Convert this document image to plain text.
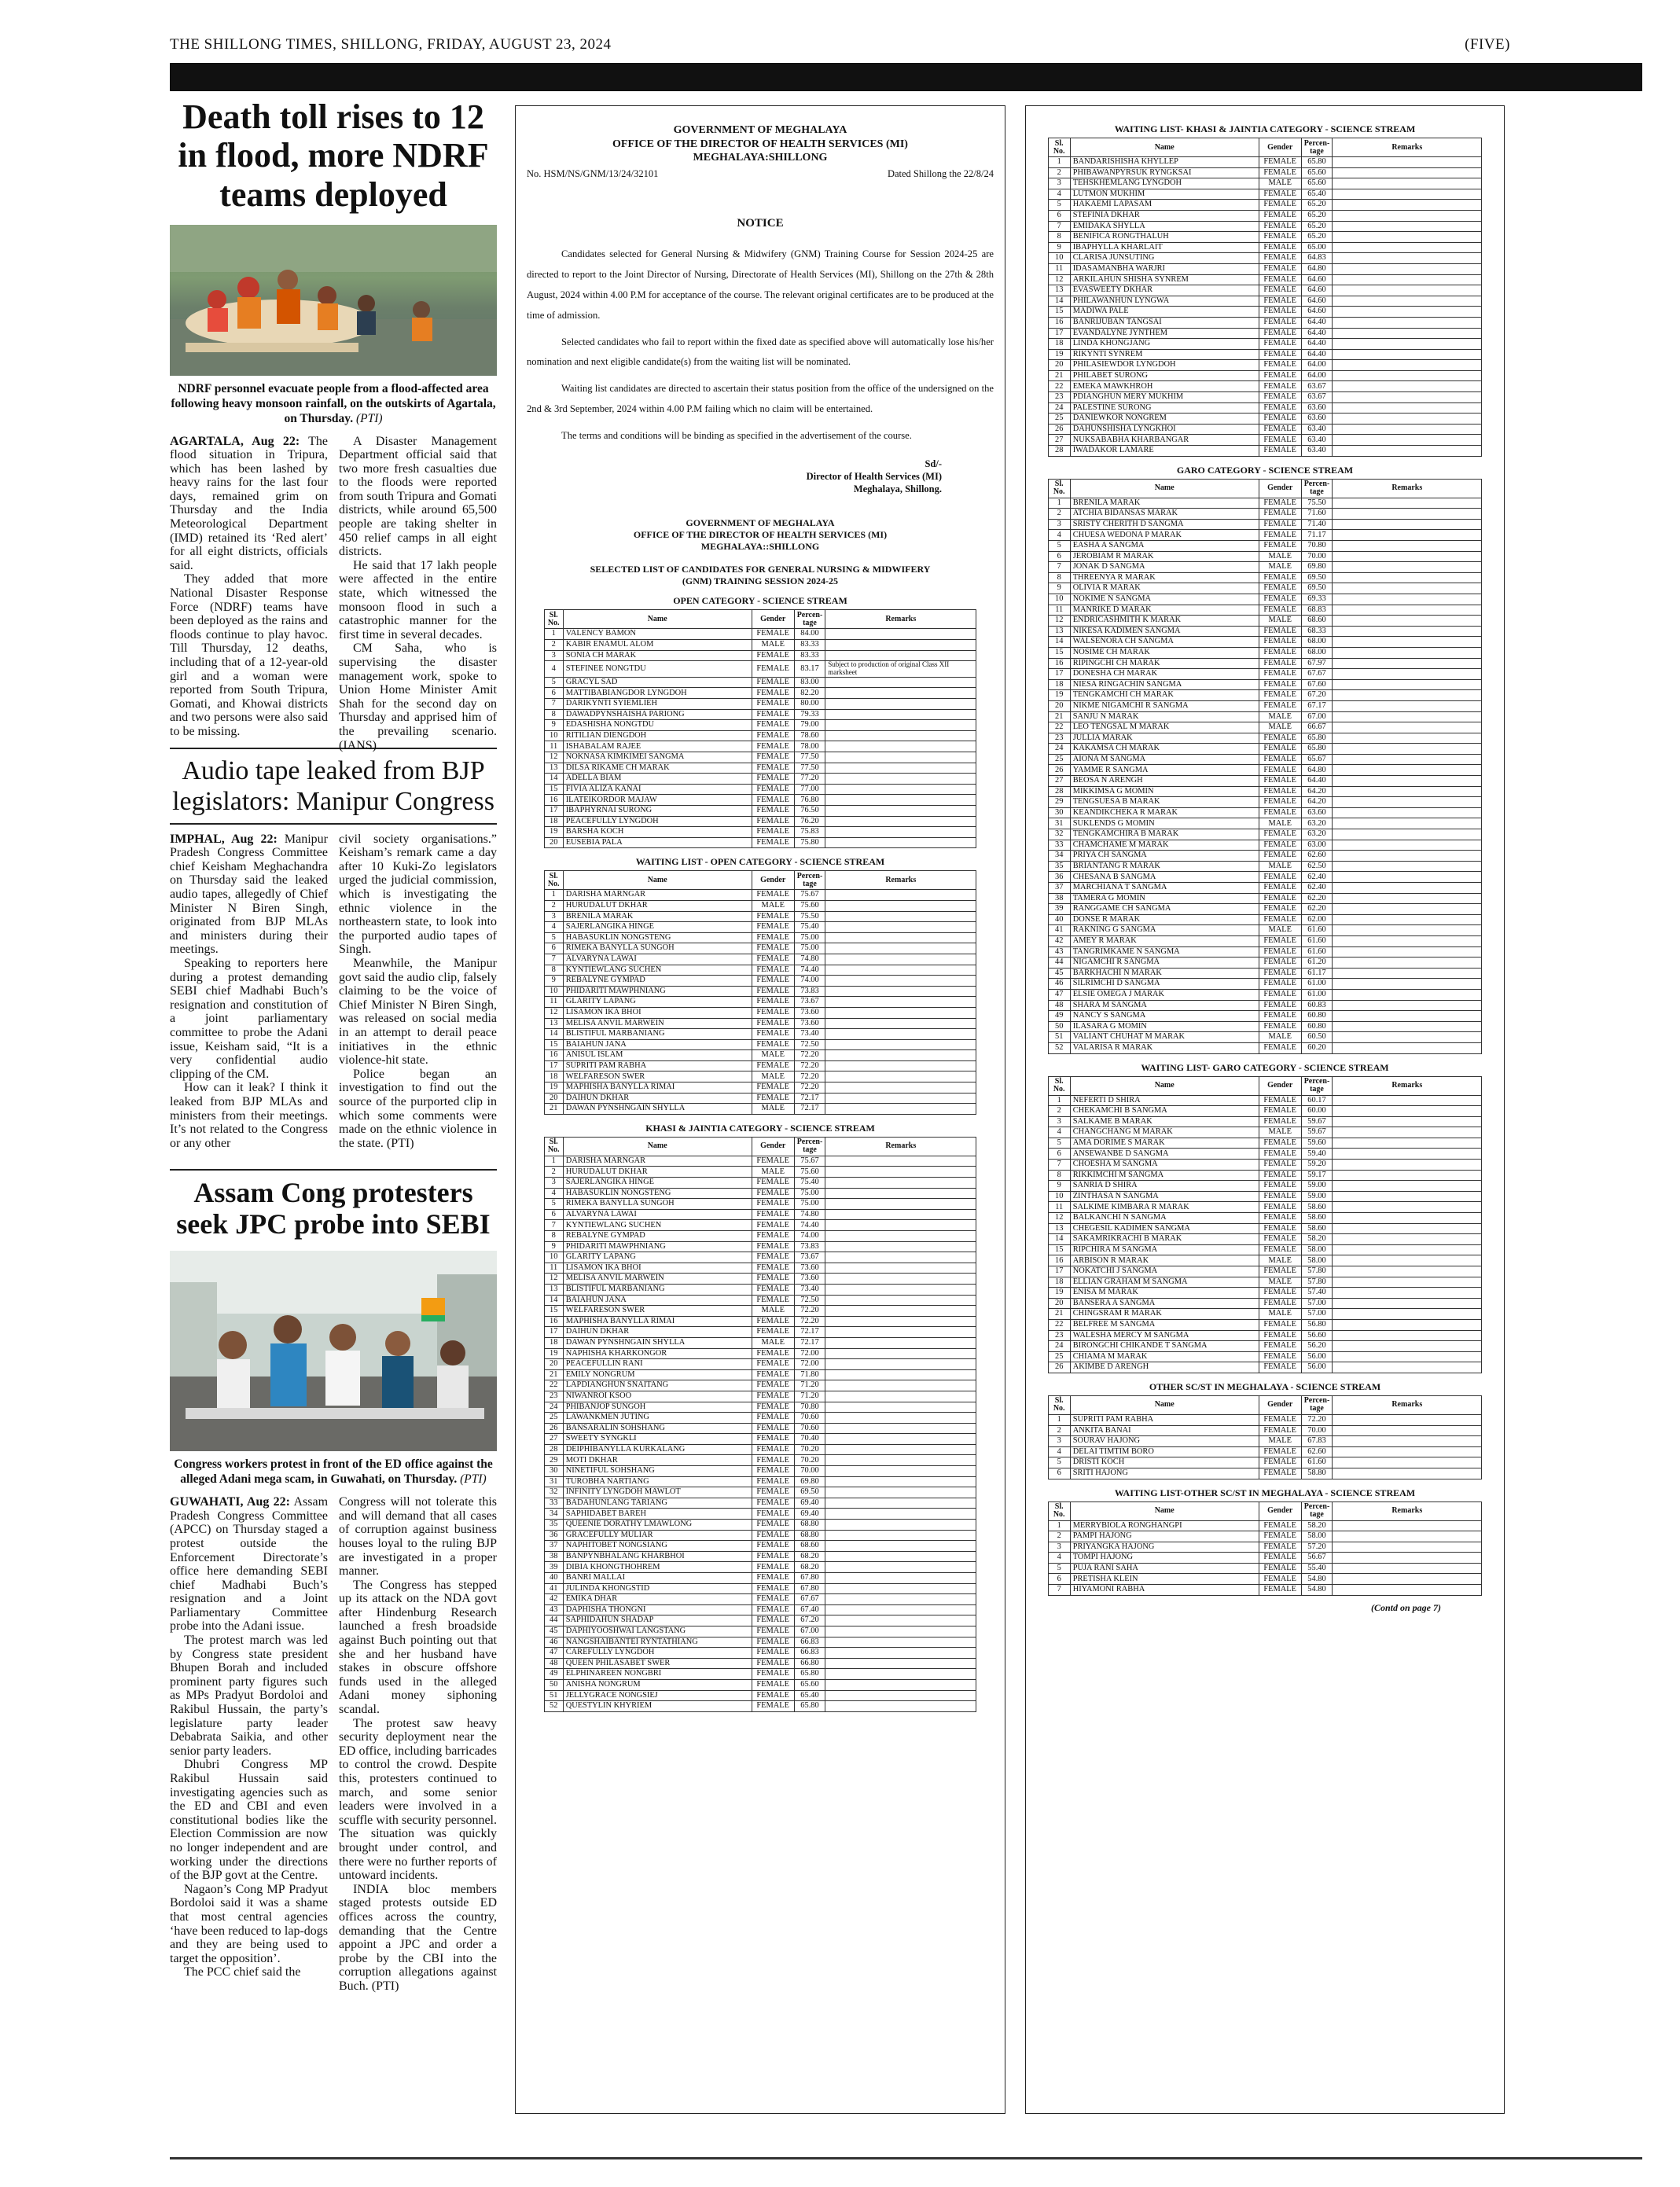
THE SHILLONG TIMES, SHILLONG, FRIDAY, AUGUST 23, 2024	(FIVE)
Death toll rises to 12 in flood, more NDRF teams deployed
NDRF personnel evacuate people from a flood-affected area following heavy monsoon rainfall, on the outskirts of Agartala, on Thursday. (PTI)

AGARTALA, Aug 22: The flood situation in Tripura, which has been lashed by heavy rains for the last four days, remained grim on Thursday and the India Meteorological Department (IMD) retained its ‘Red alert’ for all eight districts, officials said.

They added that more National Disaster Response Force (NDRF) teams have been deployed as the rains and floods continue to play havoc. Till Thursday, 12 deaths, including that of a 12-year-old girl and a woman were reported from South Tripura, Gomati, and Khowai districts and two persons were also said to be missing.

A Disaster Management Department official said that two more fresh casualties due to the floods were reported from south Tripura and Gomati districts, while around 65,500 people are taking shelter in 450 relief camps in all eight districts.

He said that 17 lakh people were affected in the entire state, which witnessed the monsoon flood in such a catastrophic manner for the first time in several decades.

CM Saha, who is supervising the disaster management work, spoke to Union Home Minister Amit Shah for the second day on Thursday and apprised him of the prevailing scenario. (IANS)

Audio tape leaked from BJP legislators: Manipur Congress

IMPHAL, Aug 22: Manipur Pradesh Congress Committee chief Keisham Meghachandra on Thursday said the leaked audio tapes, allegedly of Chief Minister N Biren Singh, originated from BJP MLAs and ministers during their meetings.

Speaking to reporters here during a protest demanding SEBI chief Madhabi Buch’s resignation and constitution of a joint parliamentary committee to probe the Adani issue, Keisham said, “It is a very confidential audio clipping of the CM.

How can it leak? I think it leaked from BJP MLAs and ministers from their meetings. It’s not related to the Congress or any other

civil society organisations.” Keisham’s remark came a day after 10 Kuki-Zo legislators urged the judicial commission, which is investigating the ethnic violence in the northeastern state, to look into the purported audio tapes of Singh.

Meanwhile, the Manipur govt said the audio clip, falsely claiming to be the voice of Chief Minister N Biren Singh, was released on social media in an attempt to derail peace initiatives in the ethnic violence-hit state.

Police began an investigation to find out the source of the purported clip in which some comments were made on the ethnic violence in the state. (PTI)

Assam Cong protesters seek JPC probe into SEBI
Congress workers protest in front of the ED office against the alleged Adani mega scam, in Guwahati, on Thursday. (PTI)

GUWAHATI, Aug 22: Assam Pradesh Congress Committee (APCC) on Thursday staged a protest outside the Enforcement Directorate’s office here demanding SEBI chief Madhabi Buch’s resignation and a Joint Parliamentary Committee probe into the Adani issue.

The protest march was led by Congress state president Bhupen Borah and included prominent party figures such as MPs Pradyut Bordoloi and Rakibul Hussain, the party’s legislature party leader Debabrata Saikia, and other senior party leaders.

Dhubri Congress MP Rakibul Hussain said investigating agencies such as the ED and CBI and even constitutional bodies like the Election Commission are now no longer independent and are working under the directions of the BJP govt at the Centre.

Nagaon’s Cong MP Pradyut Bordoloi said it was a shame that most central agencies ‘have been reduced to lap-dogs and they are being used to target the opposition’.

The PCC chief said the

Congress will not tolerate this and will demand that all cases of corruption against business houses loyal to the ruling BJP are investigated in a proper manner.

The Congress has stepped up its attack on the NDA govt after Hindenburg Research launched a fresh broadside against Buch pointing out that she and her husband have stakes in obscure offshore funds used in the alleged Adani money siphoning scandal.

The protest saw heavy security deployment near the ED office, including barricades to control the crowd. Despite this, protesters continued to march, and some senior leaders were involved in a scuffle with security personnel. The situation was quickly brought under control, and there were no further reports of untoward incidents.

INDIA bloc members staged protests outside ED offices across the country, demanding that the Centre appoint a JPC and order a probe by the CBI into the corruption allegations against Buch. (PTI)

GOVERNMENT OF MEGHALAYA
OFFICE OF THE DIRECTOR OF HEALTH SERVICES (MI)
MEGHALAYA:SHILLONG
No. HSM/NS/GNM/13/24/32101	Dated Shillong the 22/8/24
NOTICE

Candidates selected for General Nursing & Midwifery (GNM) Training Course for Session 2024-25 are directed to report to the Joint Director of Nursing, Directorate of Health Services (MI), Shillong on the 27th & 28th August, 2024 within 4.00 P.M for acceptance of the course. The relevant original certificates are to be produced at the time of admission.

Selected candidates who fail to report within the fixed date as specified above will automatically lose his/her nomination and next eligible candidate(s) from the waiting list will be nominated.

Waiting list candidates are directed to ascertain their status position from the office of the undersigned on the 2nd & 3rd September, 2024 within 4.00 P.M failing which no claim will be entertained.

The terms and conditions will be binding as specified in the advertisement of the course.

Sd/-
Director of Health Services (MI)
Meghalaya, Shillong.
GOVERNMENT OF MEGHALAYA
OFFICE OF THE DIRECTOR OF HEALTH SERVICES (MI)
MEGHALAYA::SHILLONG
SELECTED LIST OF CANDIDATES FOR GENERAL NURSING & MIDWIFERY (GNM) TRAINING SESSION 2024-25
OPEN CATEGORY - SCIENCE STREAM
Sl. No.	Name	Gender	Percen-tage	Remarks
1	VALENCY BAMON	FEMALE	84.00	
2	KABIR ENAMUL ALOM	MALE	83.33	
3	SONIA CH MARAK	FEMALE	83.33	
4	STEFINEE NONGTDU	FEMALE	83.17	Subject to production of original Class XII marksheet
5	GRACYL SAD	FEMALE	83.00	
6	MATTIBABIANGDOR LYNGDOH	FEMALE	82.20	
7	DARIKYNTI SYIEMLIEH	FEMALE	80.00	
8	DAWADPYNSHAISHA PARIONG	FEMALE	79.33	
9	EDASHISHA NONGTDU	FEMALE	79.00	
10	RITILIAN DIENGDOH	FEMALE	78.60	
11	ISHABALAM RAJEE	FEMALE	78.00	
12	NOKNASA KIMKIMEI SANGMA	FEMALE	77.50	
13	DILSA RIKAME CH MARAK	FEMALE	77.50	
14	ADELLA BIAM	FEMALE	77.20	
15	FIVIA ALIZA KANAI	FEMALE	77.00	
16	ILATEIKORDOR MAJAW	FEMALE	76.80	
17	IBAPHYRNAI SURONG	FEMALE	76.50	
18	PEACEFULLY LYNGDOH	FEMALE	76.20	
19	BARSHA KOCH	FEMALE	75.83	
20	EUSEBIA PALA	FEMALE	75.80	
WAITING LIST - OPEN CATEGORY - SCIENCE STREAM
Sl. No.	Name	Gender	Percen-tage	Remarks
1	DARISHA MARNGAR	FEMALE	75.67	
2	HURUDALUT DKHAR	MALE	75.60	
3	BRENILA MARAK	FEMALE	75.50	
4	SAJERLANGIKA HINGE	FEMALE	75.40	
5	HABASUKLIN NONGSTENG	FEMALE	75.00	
6	RIMEKA BANYLLA SUNGOH	FEMALE	75.00	
7	ALVARYNA LAWAI	FEMALE	74.80	
8	KYNTIEWLANG SUCHEN	FEMALE	74.40	
9	REBALYNE GYMPAD	FEMALE	74.00	
10	PHIDARITI MAWPHNIANG	FEMALE	73.83	
11	GLARITY LAPANG	FEMALE	73.67	
12	LISAMON IKA BHOI	FEMALE	73.60	
13	MELISA ANVIL MARWEIN	FEMALE	73.60	
14	BLISTIFUL MARBANIANG	FEMALE	73.40	
15	BAIAHUN JANA	FEMALE	72.50	
16	ANISUL ISLAM	MALE	72.20	
17	SUPRITI PAM RABHA	FEMALE	72.20	
18	WELFARESON SWER	MALE	72.20	
19	MAPHISHA BANYLLA RIMAI	FEMALE	72.20	
20	DAIHUN DKHAR	FEMALE	72.17	
21	DAWAN PYNSHNGAIN SHYLLA	MALE	72.17	
KHASI & JAINTIA CATEGORY - SCIENCE STREAM
Sl. No.	Name	Gender	Percen-tage	Remarks
1	DARISHA MARNGAR	FEMALE	75.67	
2	HURUDALUT DKHAR	MALE	75.60	
3	SAJERLANGIKA HINGE	FEMALE	75.40	
4	HABASUKLIN NONGSTENG	FEMALE	75.00	
5	RIMEKA BANYLLA SUNGOH	FEMALE	75.00	
6	ALVARYNA LAWAI	FEMALE	74.80	
7	KYNTIEWLANG SUCHEN	FEMALE	74.40	
8	REBALYNE GYMPAD	FEMALE	74.00	
9	PHIDARITI MAWPHNIANG	FEMALE	73.83	
10	GLARITY LAPANG	FEMALE	73.67	
11	LISAMON IKA BHOI	FEMALE	73.60	
12	MELISA ANVIL MARWEIN	FEMALE	73.60	
13	BLISTIFUL MARBANIANG	FEMALE	73.40	
14	BAIAHUN JANA	FEMALE	72.50	
15	WELFARESON SWER	MALE	72.20	
16	MAPHISHA BANYLLA RIMAI	FEMALE	72.20	
17	DAIHUN DKHAR	FEMALE	72.17	
18	DAWAN PYNSHNGAIN SHYLLA	MALE	72.17	
19	NAPHISHA KHARKONGOR	FEMALE	72.00	
20	PEACEFULLIN RANI	FEMALE	72.00	
21	EMILY NONGRUM	FEMALE	71.80	
22	LAPDIANGHUN SNAITANG	FEMALE	71.20	
23	NIWANROI KSOO	FEMALE	71.20	
24	PHIBANJOP SUNGOH	FEMALE	70.80	
25	LAWANKMEN JUTING	FEMALE	70.60	
26	BANSARALIN SOHSHANG	FEMALE	70.60	
27	SWEETY SYNGKLI	FEMALE	70.40	
28	DEIPHIBANYLLA KURKALANG	FEMALE	70.20	
29	MOTI DKHAR	FEMALE	70.20	
30	NINETIFUL SOHSHANG	FEMALE	70.00	
31	TUROBHA NARTIANG	FEMALE	69.80	
32	INFINITY LYNGDOH MAWLOT	FEMALE	69.50	
33	BADAHUNLANG TARIANG	FEMALE	69.40	
34	SAPHIDABET BAREH	FEMALE	69.40	
35	QUEENIE DORATHY LMAWLONG	FEMALE	68.80	
36	GRACEFULLY MULIAR	FEMALE	68.80	
37	NAPHITOBET NONGSIANG	FEMALE	68.60	
38	BANPYNBHALANG KHARBHOI	FEMALE	68.20	
39	DIBIA KHONGTHOHREM	FEMALE	68.20	
40	BANRI MALLAI	FEMALE	67.80	
41	JULINDA KHONGSTID	FEMALE	67.80	
42	EMIKA DHAR	FEMALE	67.67	
43	DAPHISHA THONGNI	FEMALE	67.40	
44	SAPHIDAHUN SHADAP	FEMALE	67.20	
45	DAPHIYOOSHWAI LANGSTANG	FEMALE	67.00	
46	NANGSHAIBANTEI RYNTATHIANG	FEMALE	66.83	
47	CAREFULLY LYNGDOH	FEMALE	66.83	
48	QUEEN PHILASABET SWER	FEMALE	66.80	
49	ELPHINAREEN NONGBRI	FEMALE	65.80	
50	ANISHA NONGRUM	FEMALE	65.60	
51	JELLYGRACE NONGSIEJ	FEMALE	65.40	
52	QUESTYLIN KHYRIEM	FEMALE	65.80	
WAITING LIST- KHASI & JAINTIA CATEGORY - SCIENCE STREAM
Sl. No.	Name	Gender	Percen-tage	Remarks
1	BANDARISHISHA KHYLLEP	FEMALE	65.80	
2	PHIBAWANPYRSUK RYNGKSAI	FEMALE	65.60	
3	TEHSKHEMLANG LYNGDOH	MALE	65.60	
4	LUTMON MUKHIM	FEMALE	65.40	
5	HAKAEMI LAPASAM	FEMALE	65.20	
6	STEFINIA DKHAR	FEMALE	65.20	
7	EMIDAKA SHYLLA	FEMALE	65.20	
8	BENIFICA RONGTHALUH	FEMALE	65.20	
9	IBAPHYLLA KHARLAIT	FEMALE	65.00	
10	CLARISA JUNSUTING	FEMALE	64.83	
11	IDASAMANBHA WARJRI	FEMALE	64.80	
12	ARKILAHUN SHISHA SYNREM	FEMALE	64.60	
13	EVASWEETY DKHAR	FEMALE	64.60	
14	PHILAWANHUN LYNGWA	FEMALE	64.60	
15	MADIWA PALE	FEMALE	64.60	
16	BANRIJUBAN TANGSAI	FEMALE	64.40	
17	EVANDALYNE JYNTHEM	FEMALE	64.40	
18	LINDA KHONGJANG	FEMALE	64.40	
19	RIKYNTI SYNREM	FEMALE	64.40	
20	PHILASIEWDOR LYNGDOH	FEMALE	64.00	
21	PHILABET SURONG	FEMALE	64.00	
22	EMEKA MAWKHROH	FEMALE	63.67	
23	PDIANGHUN MERY MUKHIM	FEMALE	63.67	
24	PALESTINE SURONG	FEMALE	63.60	
25	DANIEWKOR NONGREM	FEMALE	63.60	
26	DAHUNSHISHA LYNGKHOI	FEMALE	63.40	
27	NUKSABABHA KHARBANGAR	FEMALE	63.40	
28	IWADAKOR LAMARE	FEMALE	63.40	
GARO CATEGORY - SCIENCE STREAM
Sl. No.	Name	Gender	Percen-tage	Remarks
1	BRENILA MARAK	FEMALE	75.50	
2	ATCHIA BIDANSAS MARAK	FEMALE	71.60	
3	SRISTY CHERITH D SANGMA	FEMALE	71.40	
4	CHUESA WEDONA P MARAK	FEMALE	71.17	
5	EASHA A SANGMA	FEMALE	70.80	
6	JEROBIAM R MARAK	MALE	70.00	
7	JONAK D SANGMA	MALE	69.80	
8	THREENYA R MARAK	FEMALE	69.50	
9	OLIVIA R MARAK	FEMALE	69.50	
10	NOKIME N SANGMA	FEMALE	69.33	
11	MANRIKE D MARAK	FEMALE	68.83	
12	ENDRICASHMITH K MARAK	MALE	68.60	
13	NIKESA KADIMEN SANGMA	FEMALE	68.33	
14	WALSENORA CH SANGMA	FEMALE	68.00	
15	NOSIME CH MARAK	FEMALE	68.00	
16	RIPINGCHI CH MARAK	FEMALE	67.97	
17	DONESHA CH MARAK	FEMALE	67.67	
18	NIESA RINGACHIN SANGMA	FEMALE	67.60	
19	TENGKAMCHI CH MARAK	FEMALE	67.20	
20	NIKME NIGAMCHI R SANGMA	FEMALE	67.17	
21	SANJU N MARAK	MALE	67.00	
22	LEO TENGSAL M MARAK	MALE	66.67	
23	JULLIA MARAK	FEMALE	65.80	
24	KAKAMSA CH MARAK	FEMALE	65.80	
25	AIONA M SANGMA	FEMALE	65.67	
26	YAMME R SANGMA	FEMALE	64.80	
27	BEOSA N ARENGH	FEMALE	64.40	
28	MIKKIMSA G MOMIN	FEMALE	64.20	
29	TENGSUESA B MARAK	FEMALE	64.20	
30	KEANDIKCHEKA R MARAK	FEMALE	63.60	
31	SUKLENDS G MOMIN	MALE	63.20	
32	TENGKAMCHIRA B MARAK	FEMALE	63.20	
33	CHAMCHAME M MARAK	FEMALE	63.00	
34	PRIYA CH SANGMA	FEMALE	62.60	
35	BRIANTANG R MARAK	MALE	62.50	
36	CHESANA B SANGMA	FEMALE	62.40	
37	MARCHIANA T SANGMA	FEMALE	62.40	
38	TAMERA G MOMIN	FEMALE	62.20	
39	RANGGAME CH SANGMA	FEMALE	62.20	
40	DONSE R MARAK	FEMALE	62.00	
41	RAKNING G SANGMA	MALE	61.60	
42	AMEY R MARAK	FEMALE	61.60	
43	TANGRIMKAME N SANGMA	FEMALE	61.60	
44	NIGAMCHI R SANGMA	FEMALE	61.20	
45	BARKHACHI N MARAK	FEMALE	61.17	
46	SILRIMCHI D SANGMA	FEMALE	61.00	
47	ELSIE OMEGA J MARAK	FEMALE	61.00	
48	SHARA M SANGMA	FEMALE	60.83	
49	NANCY S SANGMA	FEMALE	60.80	
50	ILASARA G MOMIN	FEMALE	60.80	
51	VALIANT CHUHAT M MARAK	MALE	60.50	
52	VALARISA R MARAK	FEMALE	60.20	
WAITING LIST- GARO CATEGORY - SCIENCE STREAM
Sl. No.	Name	Gender	Percen-tage	Remarks
1	NEFERTI D SHIRA	FEMALE	60.17	
2	CHEKAMCHI B SANGMA	FEMALE	60.00	
3	SALKAME B MARAK	FEMALE	59.67	
4	CHANGCHANG M MARAK	MALE	59.67	
5	AMA DORIME S MARAK	FEMALE	59.60	
6	ANSEWANBE D SANGMA	FEMALE	59.40	
7	CHOESHA M SANGMA	FEMALE	59.20	
8	RIKKIMCHI M SANGMA	FEMALE	59.17	
9	SANRIA D SHIRA	FEMALE	59.00	
10	ZINTHASA N SANGMA	FEMALE	59.00	
11	SALKIME KIMBARA R MARAK	FEMALE	58.60	
12	BALKANCHI N SANGMA	FEMALE	58.60	
13	CHEGESIL KADIMEN SANGMA	FEMALE	58.60	
14	SAKAMRIKRACHI B MARAK	FEMALE	58.20	
15	RIPCHIRA M SANGMA	FEMALE	58.00	
16	ARBISON R MARAK	MALE	58.00	
17	NOKATCHI J SANGMA	FEMALE	57.80	
18	ELLIAN GRAHAM M SANGMA	MALE	57.80	
19	ENISA M MARAK	FEMALE	57.40	
20	BANSERA A SANGMA	FEMALE	57.00	
21	CHINGSRAM R MARAK	MALE	57.00	
22	BELFREE M SANGMA	FEMALE	56.80	
23	WALESHA MERCY M SANGMA	FEMALE	56.60	
24	BIRONGCHI CHIKANDE T SANGMA	FEMALE	56.20	
25	CHIAMA M MARAK	FEMALE	56.00	
26	AKIMBE D ARENGH	FEMALE	56.00	
OTHER SC/ST IN MEGHALAYA - SCIENCE STREAM
Sl. No.	Name	Gender	Percen-tage	Remarks
1	SUPRITI PAM RABHA	FEMALE	72.20	
2	ANKITA BANAI	FEMALE	70.00	
3	SOURAV HAJONG	MALE	67.83	
4	DELAI TIMTIM BORO	FEMALE	62.60	
5	DRISTI KOCH	FEMALE	61.60	
6	SRITI HAJONG	FEMALE	58.80	
WAITING LIST-OTHER SC/ST IN MEGHALAYA - SCIENCE STREAM
Sl. No.	Name	Gender	Percen-tage	Remarks
1	MERRYBIOLA RONGHANGPI	FEMALE	58.20	
2	PAMPI HAJONG	FEMALE	58.00	
3	PRIYANGKA HAJONG	FEMALE	57.20	
4	TOMPI HAJONG	FEMALE	56.67	
5	PUJA RANI SAHA	FEMALE	55.40	
6	PRETISHA KLEIN	FEMALE	54.80	
7	HIYAMONI RABHA	FEMALE	54.80	
(Contd on page 7)
